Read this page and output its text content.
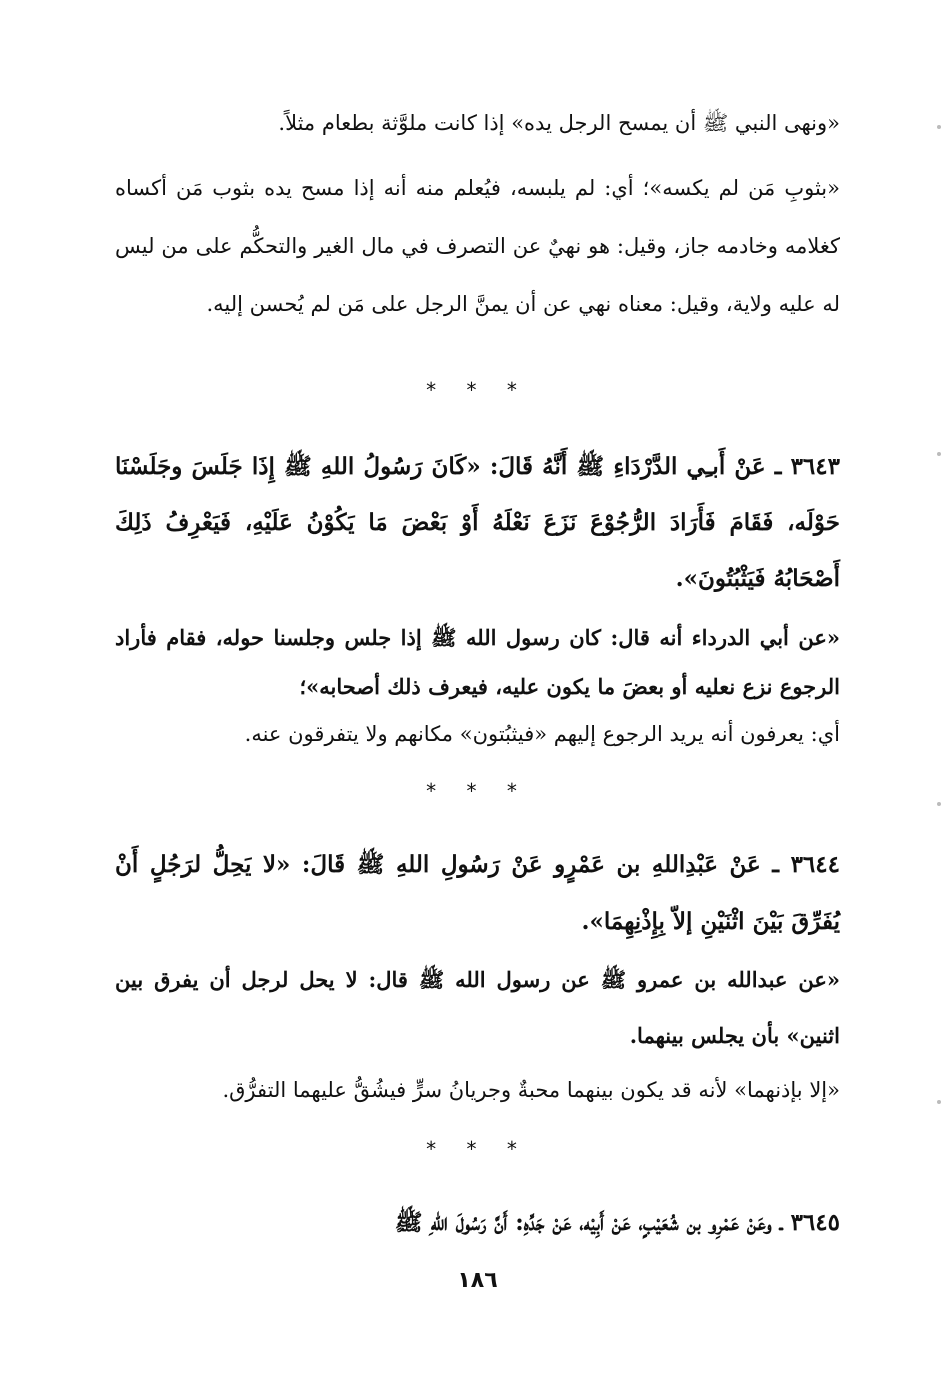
«ونهى النبي ﷺ أن يمسح الرجل يده» إذا كانت ملوَّثة بطعام مثلاً.

«بثوبِ مَن لم يكسه»؛ أي: لم يلبسه، فيُعلم منه أنه إذا مسح يده بثوب مَن أكساه كغلامه وخادمه جاز، وقيل: هو نهيٌ عن التصرف في مال الغير والتحكُّم على من ليس له عليه ولاية، وقيل: معناه نهي عن أن يمنَّ الرجل على مَن لم يُحسن إليه.

* * *

٣٦٤٣ ـ عَنْ أَبـِي الدَّرْدَاءِ ﷺ أَنَّهُ قَالَ: «كَانَ رَسُولُ اللهِ ﷺ إِذَا جَلَسَ وجَلَسْنَا حَوْلَه، فَقَامَ فَأَرَادَ الرُّجُوْعَ نَزَعَ نَعْلَهُ أَوْ بَعْضَ مَا يَكُوْنُ عَلَيْهِ، فَيَعْرِفُ ذَلِكَ أَصْحَابُهُ فَيَثْبُتُونَ».

«عن أبي الدرداء أنه قال: كان رسول الله ﷺ إذا جلس وجلسنا حوله، فقام فأراد الرجوع نزع نعليه أو بعضَ ما يكون عليه، فيعرف ذلك أصحابه»؛

أي: يعرفون أنه يريد الرجوع إليهم «فيثبُتون» مكانهم ولا يتفرقون عنه.

* * *

٣٦٤٤ ـ عَنْ عَبْدِاللهِ بن عَمْرٍو عَنْ رَسُولِ اللهِ ﷺ قَالَ: «لا يَحِلُّ لرَجُلٍ أَنْ يُفَرِّقَ بَيْنَ اثْنَيْنِ إلاّ بِإِذْنِهِمَا».

«عن عبدالله بن عمرو ﷺ عن رسول الله ﷺ قال: لا يحل لرجل أن يفرق بين اثنين» بأن يجلس بينهما.

«إلا بإذنهما» لأنه قد يكون بينهما محبةٌ وجريانُ سرٍّ فيشُقُّ عليهما التفرُّق.

* * *

٣٦٤٥ ـ وعَنْ عَمْرِو بن شُعَيْبٍ، عَنْ أَبِيْه، عَنْ جَدِّهِ: أَنَّ رَسُولَ اللهِ ﷺ

١٨٦
